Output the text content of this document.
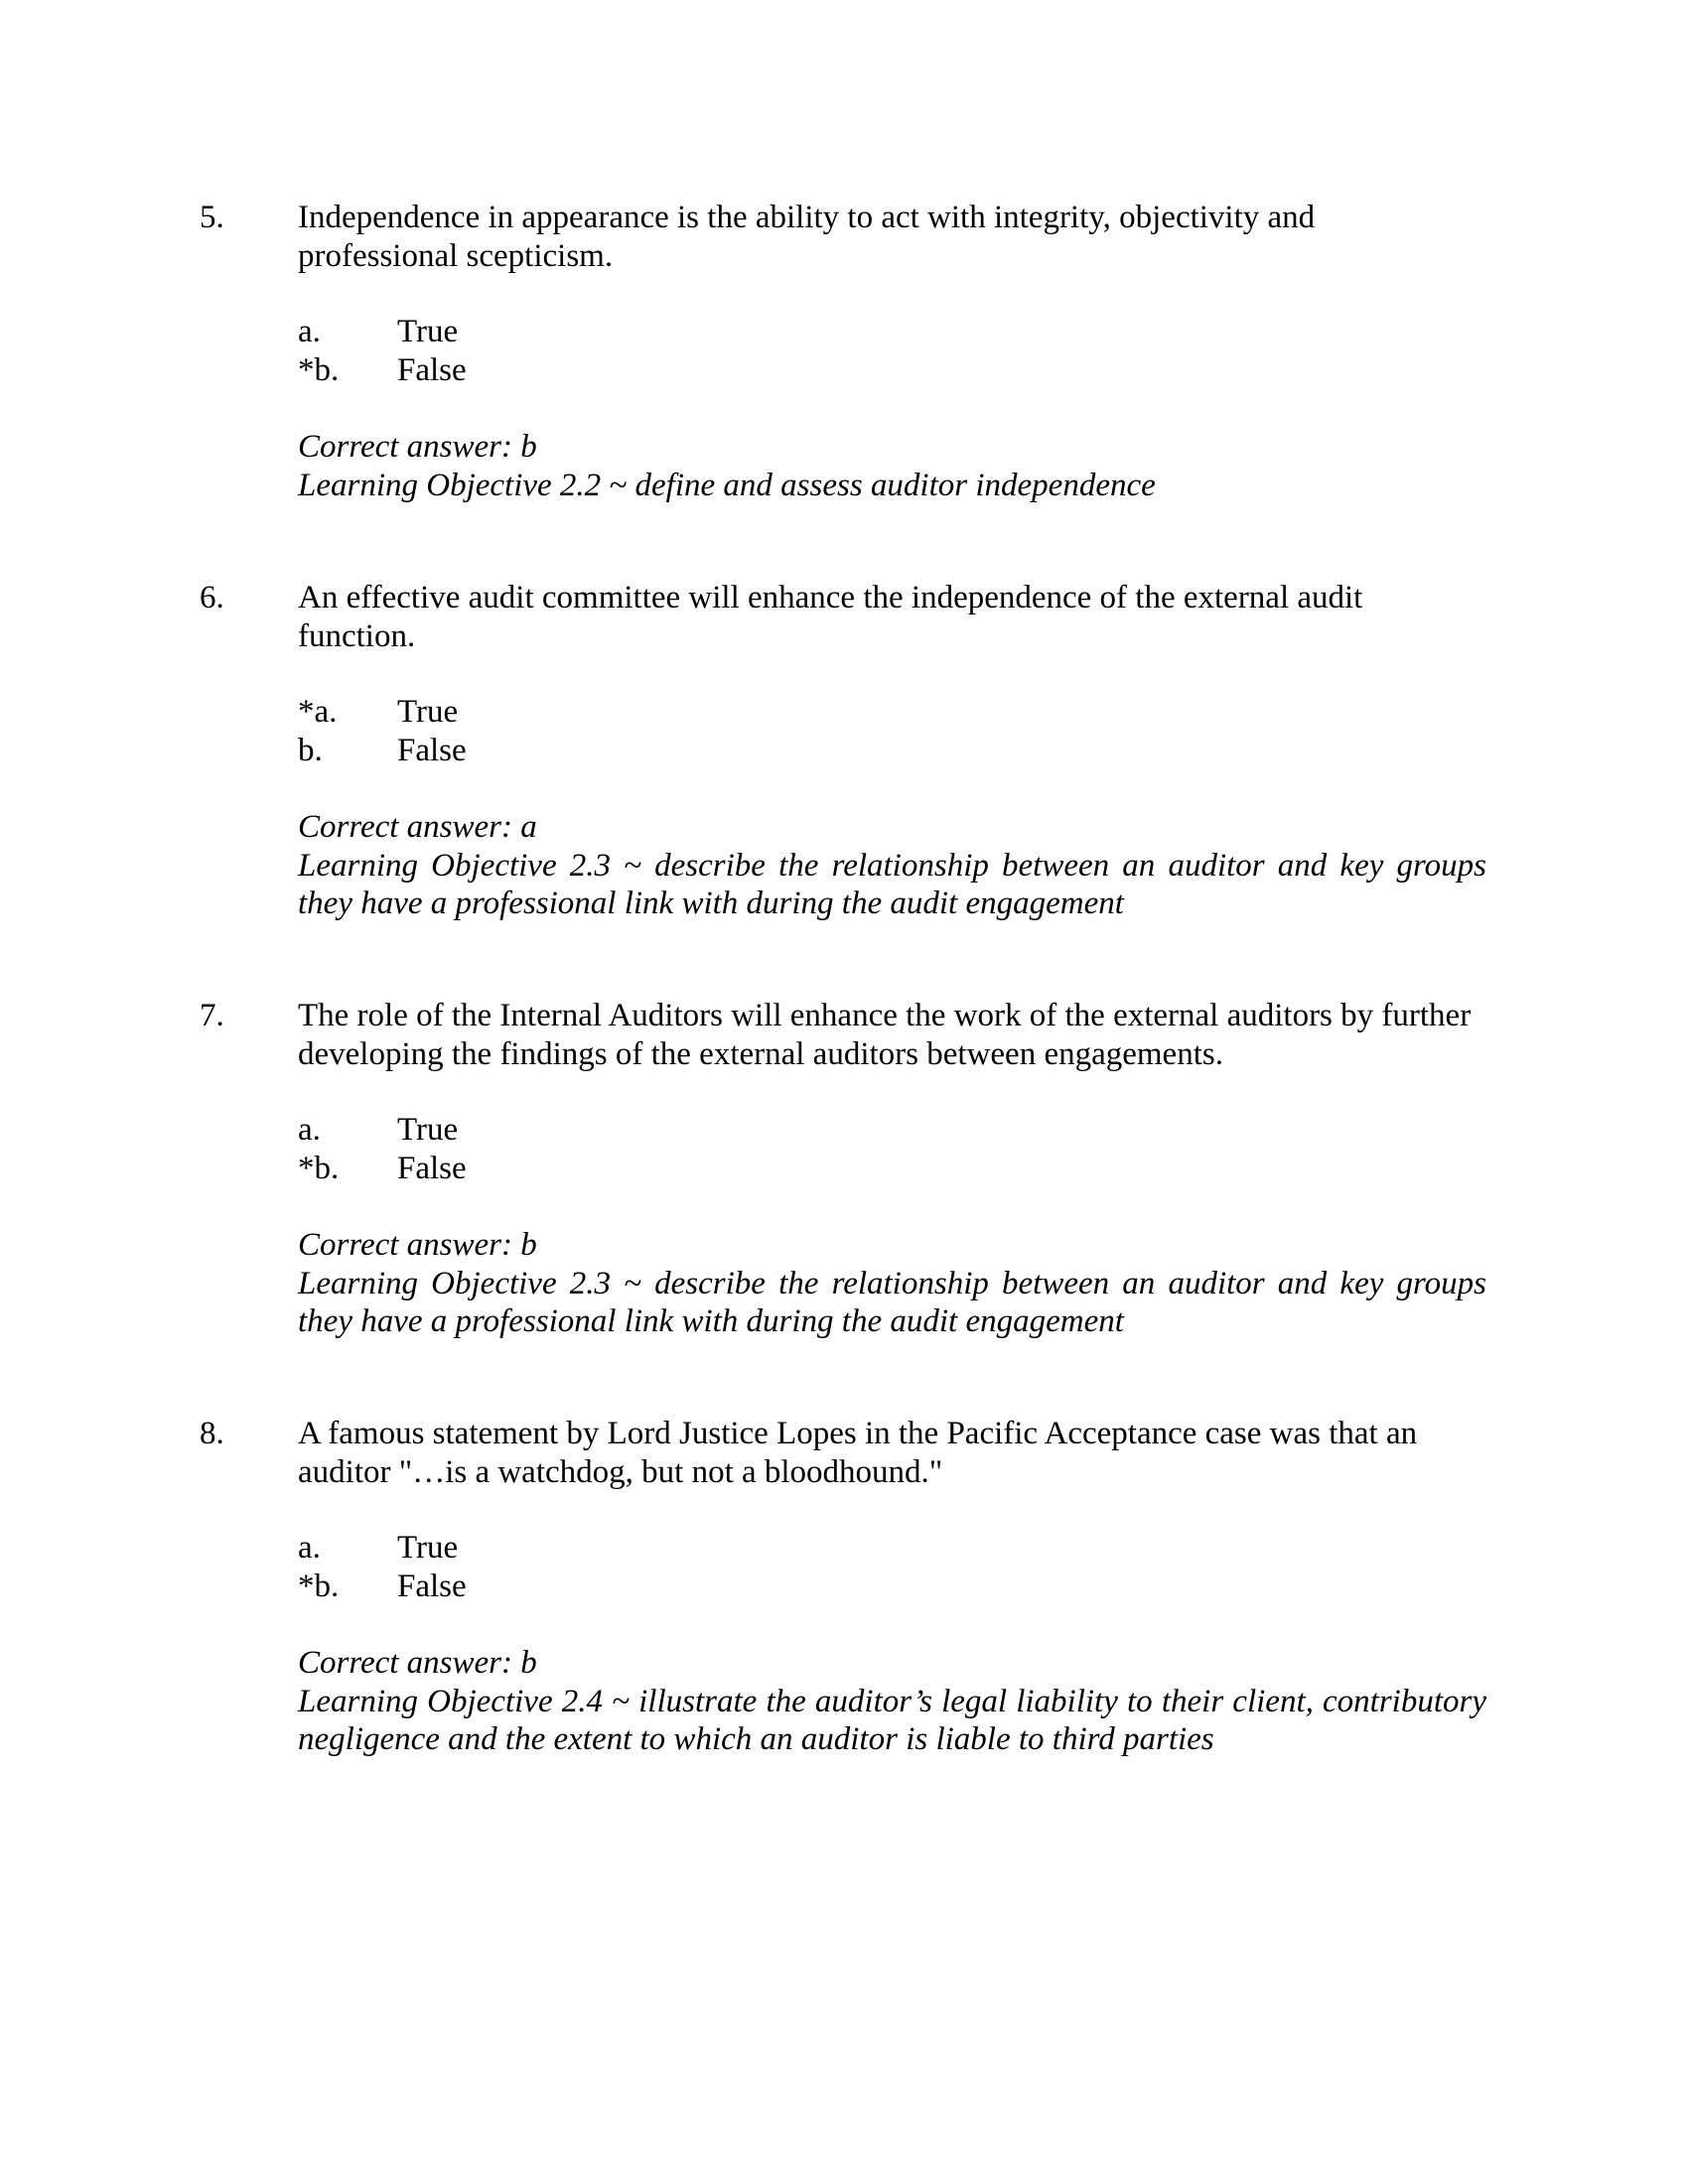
5. Independence in appearance is the ability to act with integrity, objectivity and professional scepticism.
a. True
*b. False
Correct answer: b
Learning Objective 2.2 ~ define and assess auditor independence
6. An effective audit committee will enhance the independence of the external audit function.
*a. True
b. False
Correct answer: a
Learning Objective 2.3 ~ describe the relationship between an auditor and key groups they have a professional link with during the audit engagement
7. The role of the Internal Auditors will enhance the work of the external auditors by further developing the findings of the external auditors between engagements.
a. True
*b. False
Correct answer: b
Learning Objective 2.3 ~ describe the relationship between an auditor and key groups they have a professional link with during the audit engagement
8. A famous statement by Lord Justice Lopes in the Pacific Acceptance case was that an auditor "…is a watchdog, but not a bloodhound."
a. True
*b. False
Correct answer: b
Learning Objective 2.4 ~ illustrate the auditor’s legal liability to their client, contributory negligence and the extent to which an auditor is liable to third parties
